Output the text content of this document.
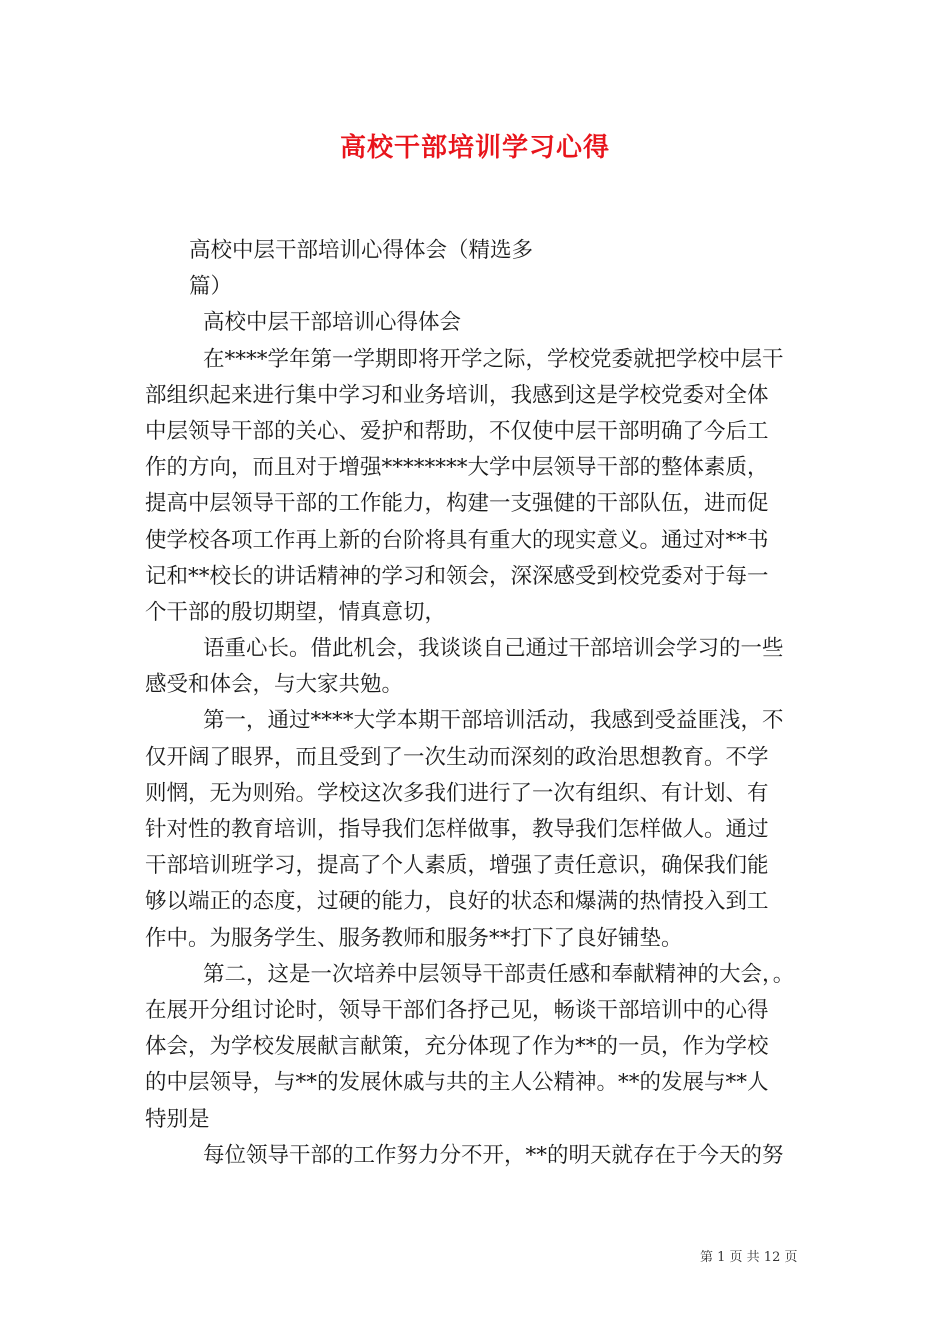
高校干部培训学习心得
高校中层干部培训心得体会（精选多
篇）
高校中层干部培训心得体会
在****学年第一学期即将开学之际，学校党委就把学校中层干
部组织起来进行集中学习和业务培训，我感到这是学校党委对全体
中层领导干部的关心、爱护和帮助，不仅使中层干部明确了今后工
作的方向，而且对于增强********大学中层领导干部的整体素质，
提高中层领导干部的工作能力，构建一支强健的干部队伍，进而促
使学校各项工作再上新的台阶将具有重大的现实意义。通过对**书
记和**校长的讲话精神的学习和领会，深深感受到校党委对于每一
个干部的殷切期望，情真意切，
语重心长。借此机会，我谈谈自己通过干部培训会学习的一些
感受和体会，与大家共勉。
第一，通过****大学本期干部培训活动，我感到受益匪浅，不
仅开阔了眼界，而且受到了一次生动而深刻的政治思想教育。不学
则惘，无为则殆。学校这次多我们进行了一次有组织、有计划、有
针对性的教育培训，指导我们怎样做事，教导我们怎样做人。通过
干部培训班学习，提高了个人素质，增强了责任意识，确保我们能
够以端正的态度，过硬的能力，良好的状态和爆满的热情投入到工
作中。为服务学生、服务教师和服务**打下了良好铺垫。
第二，这是一次培养中层领导干部责任感和奉献精神的大会，。
在展开分组讨论时，领导干部们各抒己见，畅谈干部培训中的心得
体会，为学校发展献言献策，充分体现了作为**的一员，作为学校
的中层领导，与**的发展休戚与共的主人公精神。**的发展与**人
特别是
每位领导干部的工作努力分不开，**的明天就存在于今天的努
第 1 页 共 12 页
